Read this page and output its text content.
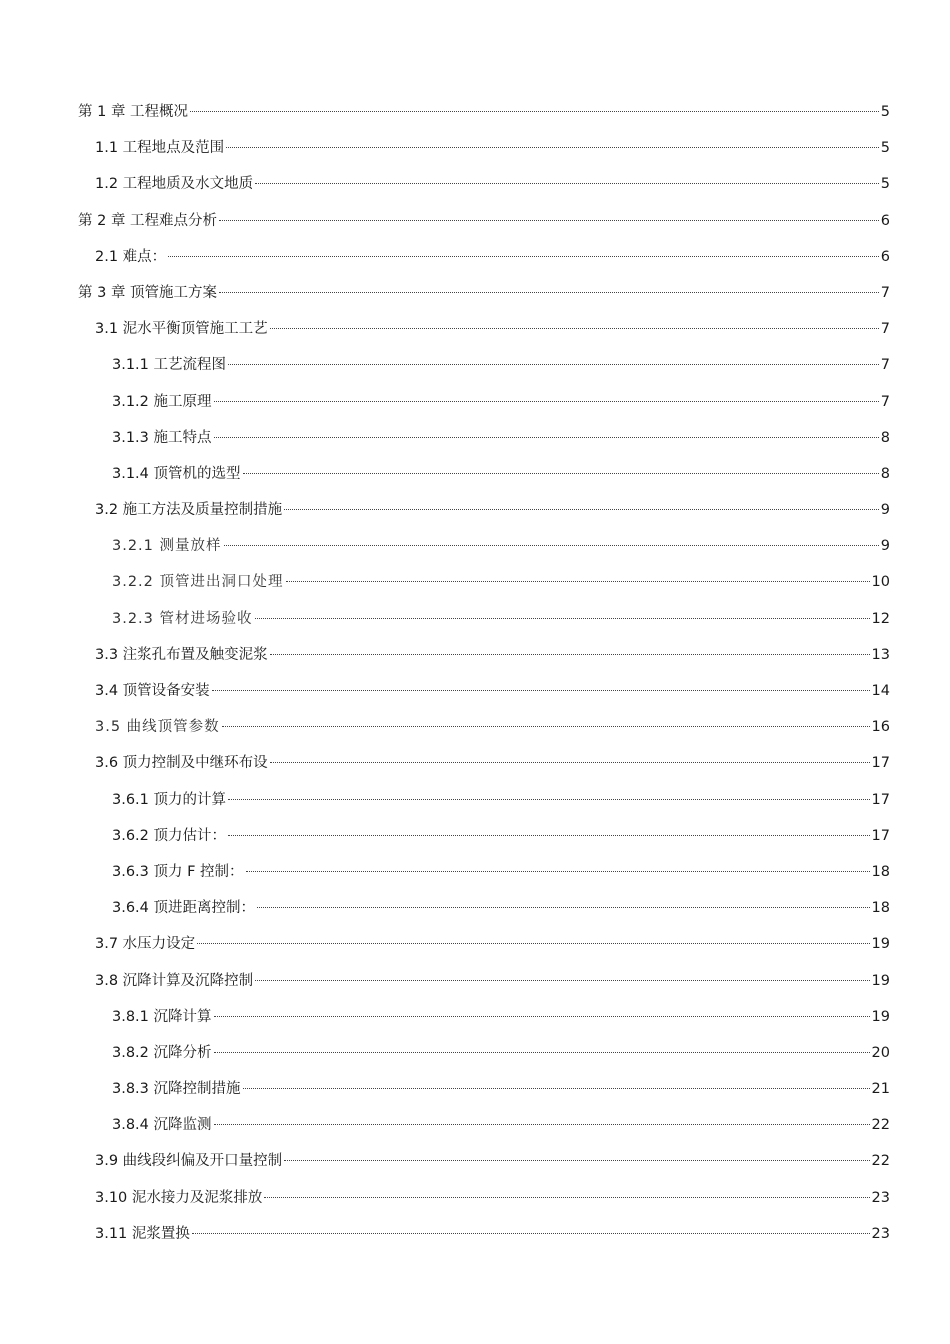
第 1 章 工程概况	5
1.1 工程地点及范围	5
1.2 工程地质及水文地质	5
第 2 章 工程难点分析	6
2.1 难点：	6
第 3 章 顶管施工方案	7
3.1 泥水平衡顶管施工工艺	7
3.1.1 工艺流程图	7
3.1.2 施工原理	7
3.1.3 施工特点	8
3.1.4 顶管机的选型	8
3.2 施工方法及质量控制措施	9
3.2.1 测量放样	9
3.2.2 顶管进出洞口处理	10
3.2.3 管材进场验收	12
3.3 注浆孔布置及触变泥浆	13
3.4 顶管设备安装	14
3.5 曲线顶管参数	16
3.6 顶力控制及中继环布设	17
3.6.1 顶力的计算	17
3.6.2 顶力估计：	17
3.6.3 顶力 F 控制：	18
3.6.4 顶进距离控制：	18
3.7 水压力设定	19
3.8 沉降计算及沉降控制	19
3.8.1 沉降计算	19
3.8.2 沉降分析	20
3.8.3 沉降控制措施	21
3.8.4 沉降监测	22
3.9 曲线段纠偏及开口量控制	22
3.10 泥水接力及泥浆排放	23
3.11 泥浆置换	23
